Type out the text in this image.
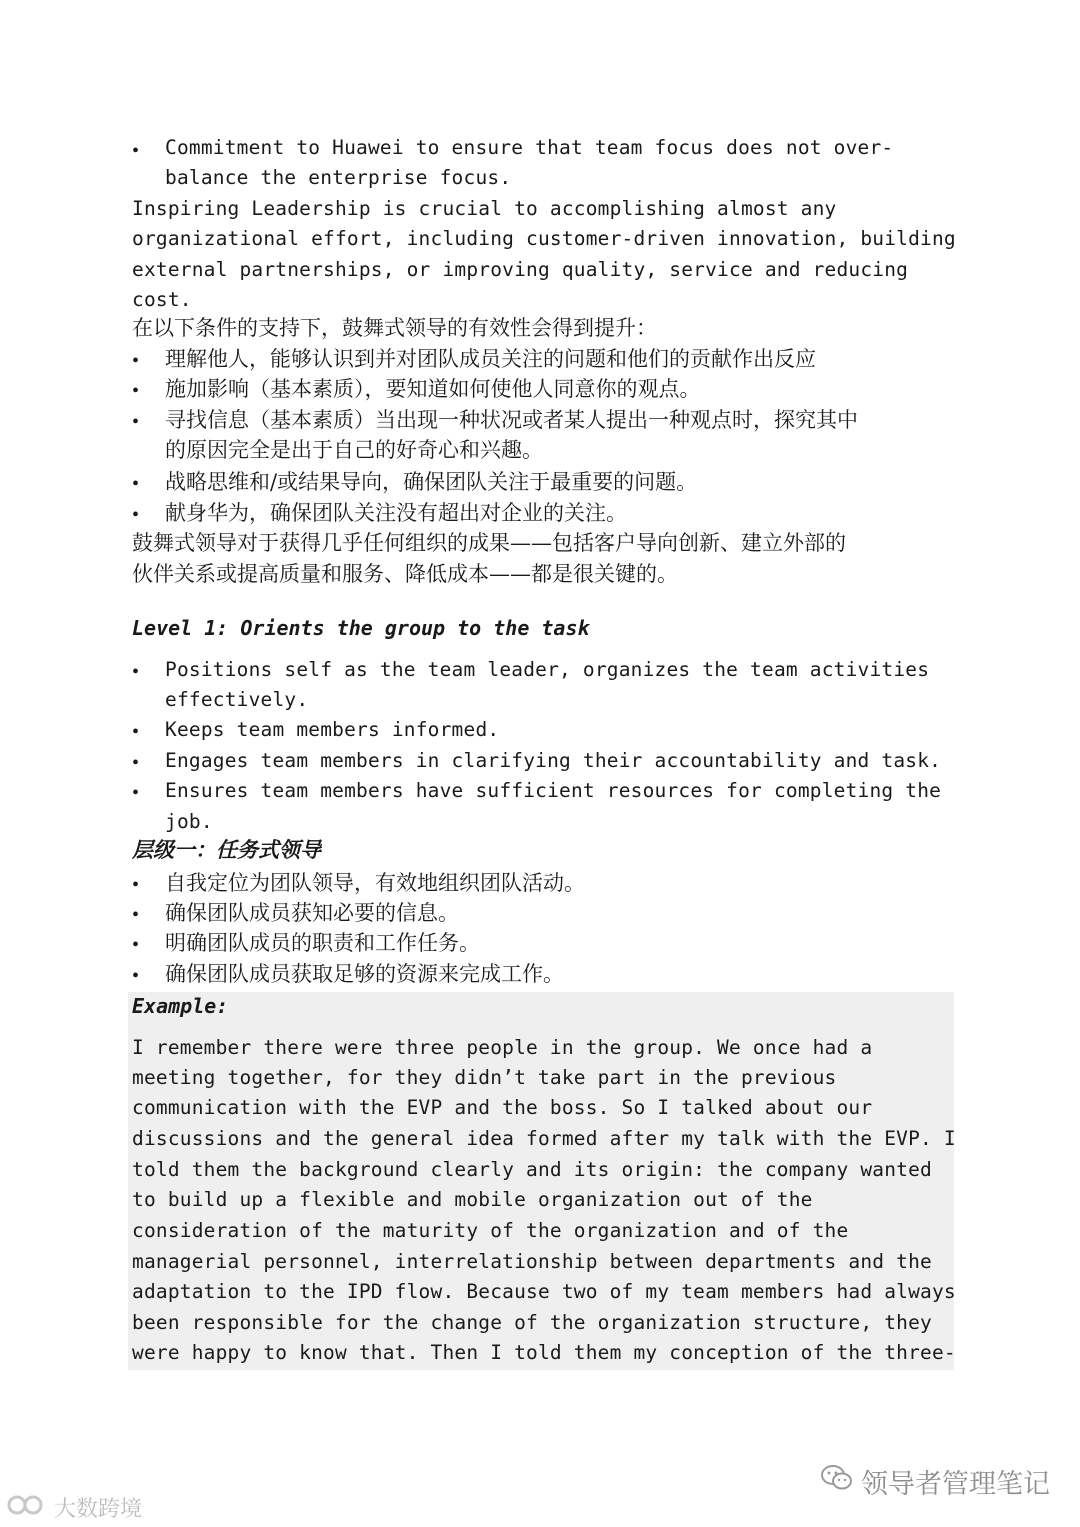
• Commitment to Huawei to ensure that team focus does not over-
balance the enterprise focus.
Inspiring Leadership is crucial to accomplishing almost any
organizational effort, including customer-driven innovation, building
external partnerships, or improving quality, service and reducing
cost.
在以下条件的支持下，鼓舞式领导的有效性会得到提升：
• 理解他人，能够认识到并对团队成员关注的问题和他们的贡献作出反应
• 施加影响（基本素质），要知道如何使他人同意你的观点。
• 寻找信息（基本素质）当出现一种状况或者某人提出一种观点时，探究其中
的原因完全是出于自己的好奇心和兴趣。
• 战略思维和/或结果导向，确保团队关注于最重要的问题。
• 献身华为，确保团队关注没有超出对企业的关注。
鼓舞式领导对于获得几乎任何组织的成果——包括客户导向创新、建立外部的
伙伴关系或提高质量和服务、降低成本——都是很关键的。
Level 1: Orients the group to the task
• Positions self as the team leader, organizes the team activities
effectively.
• Keeps team members informed.
• Engages team members in clarifying their accountability and task.
• Ensures team members have sufficient resources for completing the
job.
层级一：任务式领导
• 自我定位为团队领导，有效地组织团队活动。
• 确保团队成员获知必要的信息。
• 明确团队成员的职责和工作任务。
• 确保团队成员获取足够的资源来完成工作。
Example:
I remember there were three people in the group. We once had a
meeting together, for they didn’t take part in the previous
communication with the EVP and the boss. So I talked about our
discussions and the general idea formed after my talk with the EVP. I
told them the background clearly and its origin: the company wanted
to build up a flexible and mobile organization out of the
consideration of the maturity of the organization and of the
managerial personnel, interrelationship between departments and the
adaptation to the IPD flow. Because two of my team members had always
been responsible for the change of the organization structure, they
were happy to know that. Then I told them my conception of the three-
领导者管理笔记
大数跨境
